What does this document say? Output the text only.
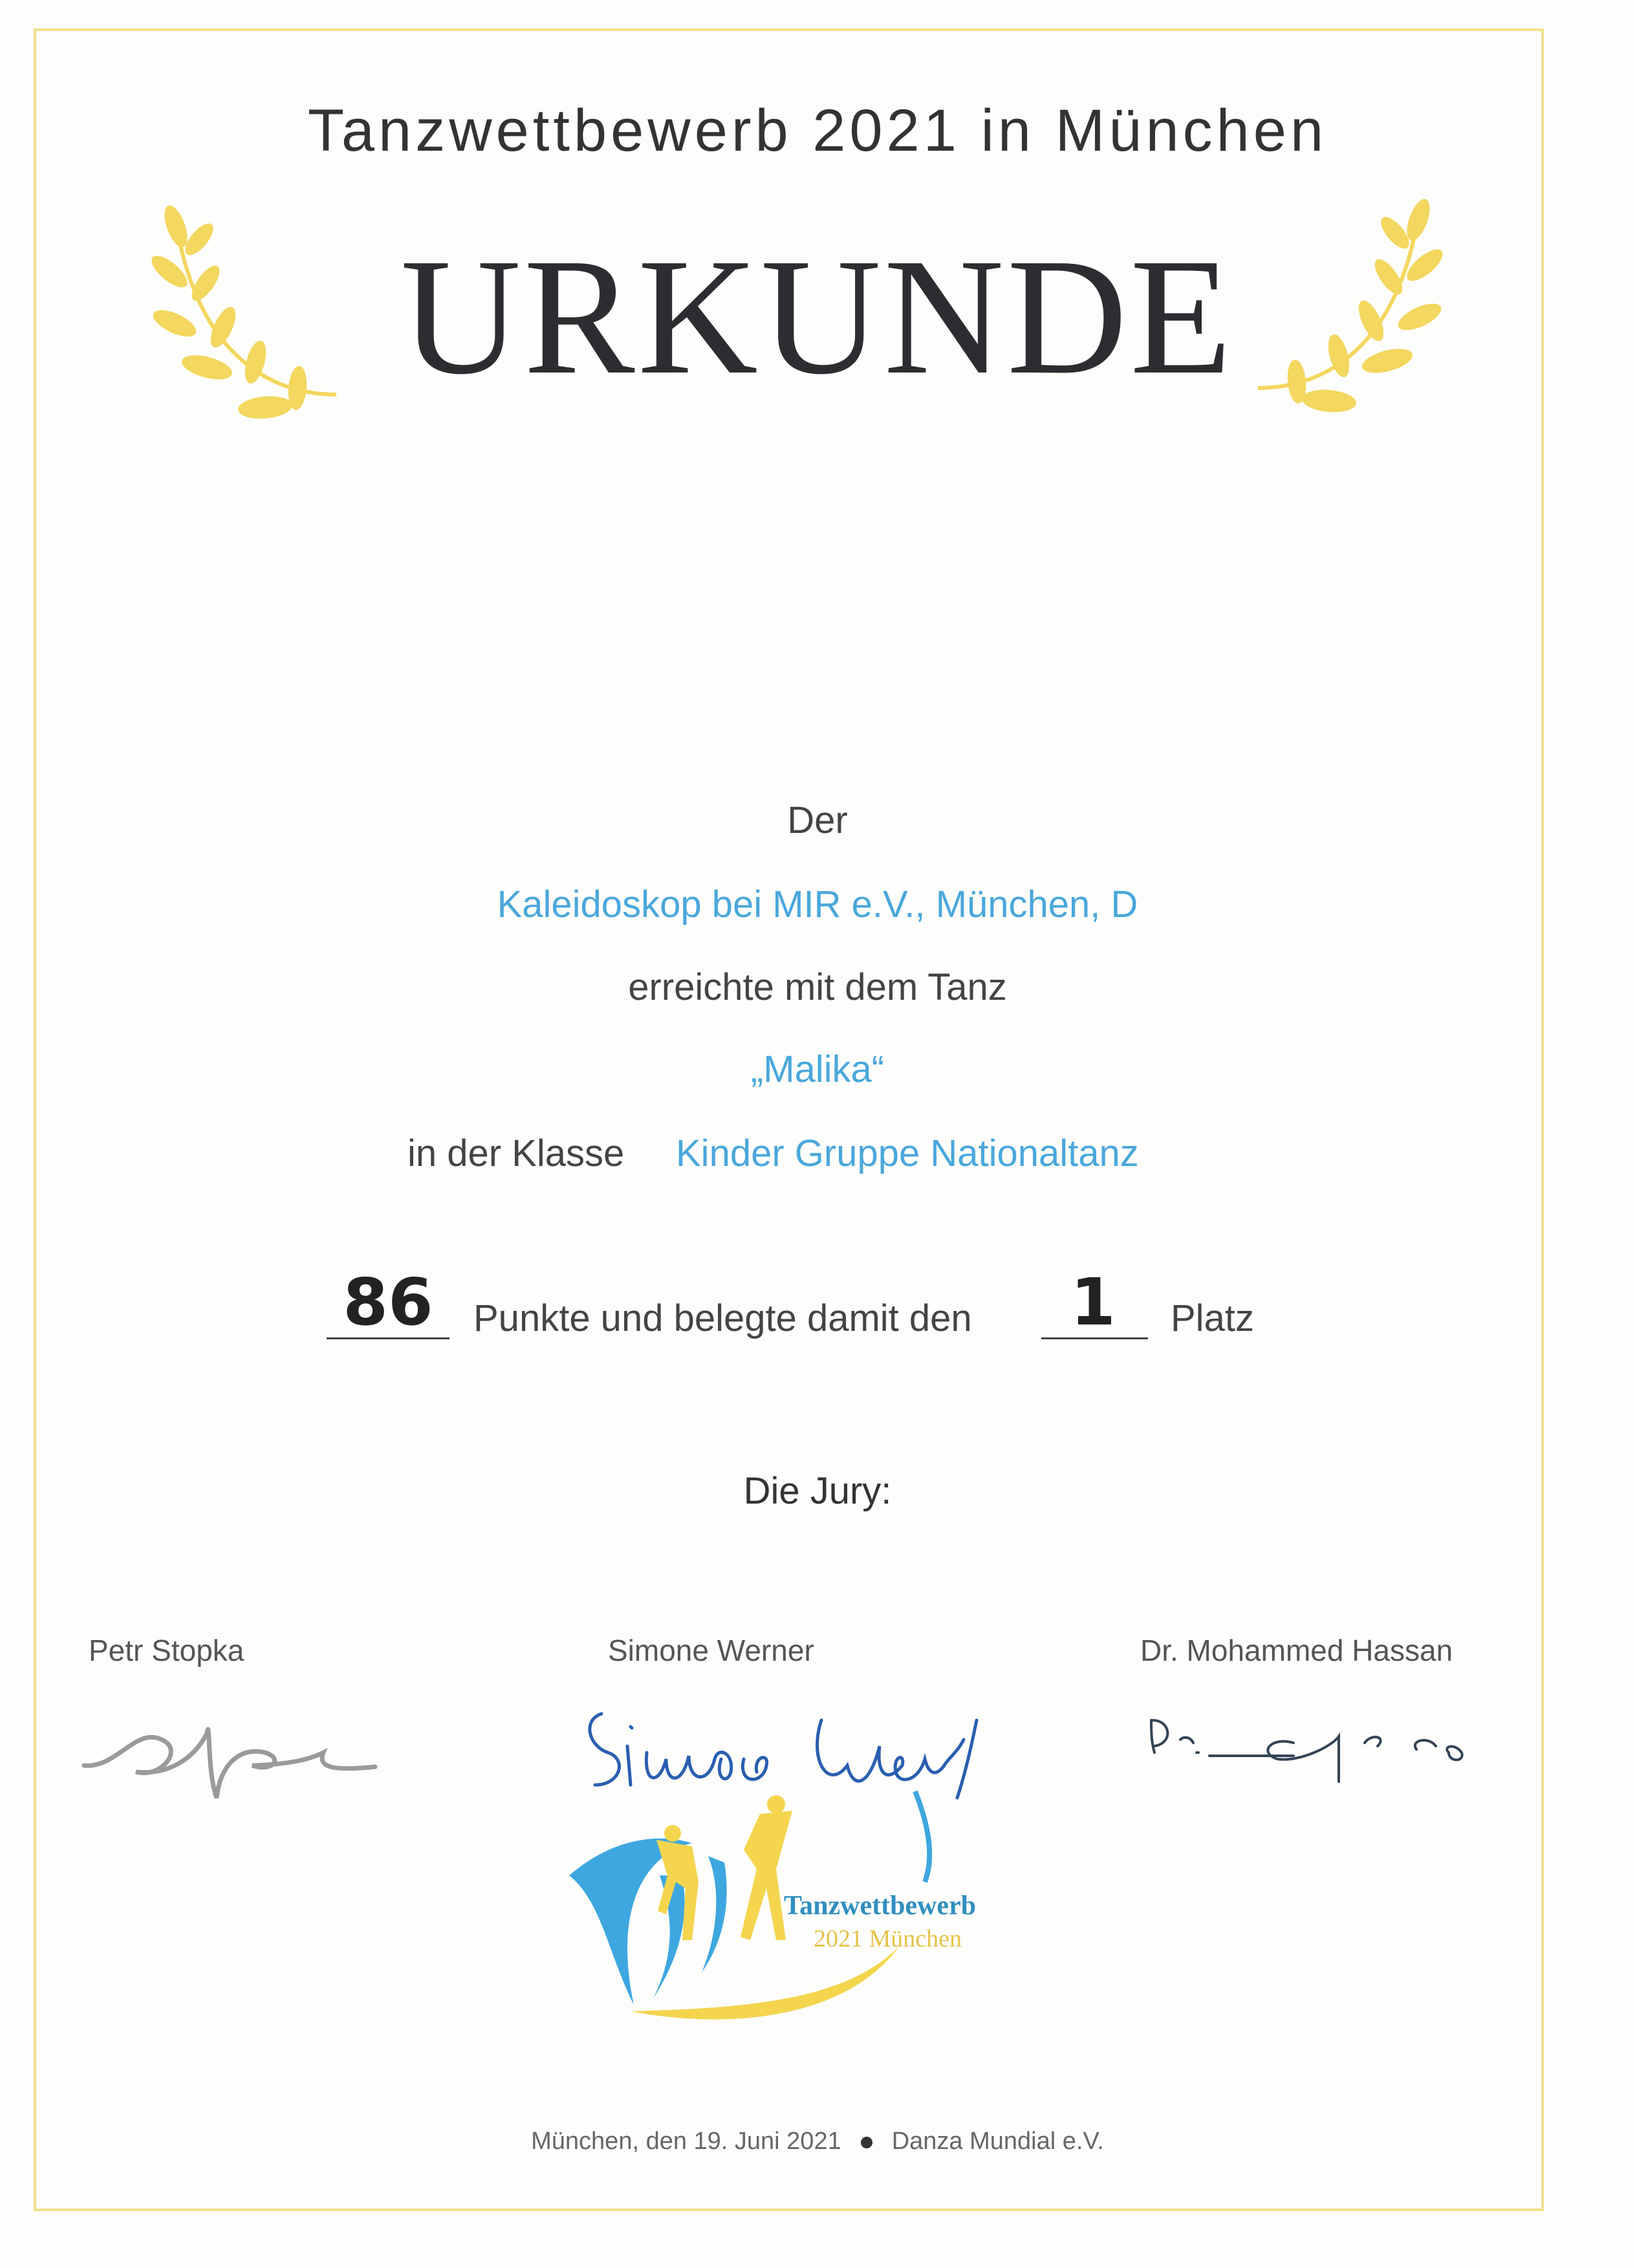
Tanzwettbewerb 2021 in München
URKUNDE
Der
Kaleidoskop bei MIR e.V., München, D
erreichte mit dem Tanz
„Malika“
in der Klasse Kinder Gruppe Nationaltanz
86	Punkte und belegte damit den	1	Platz
Die Jury:
Petr Stopka	Simone Werner	Dr. Mohammed Hassan
Tanzwettbewerb
2021 München
München, den 19. Juni 2021 Danza Mundial e.V.
